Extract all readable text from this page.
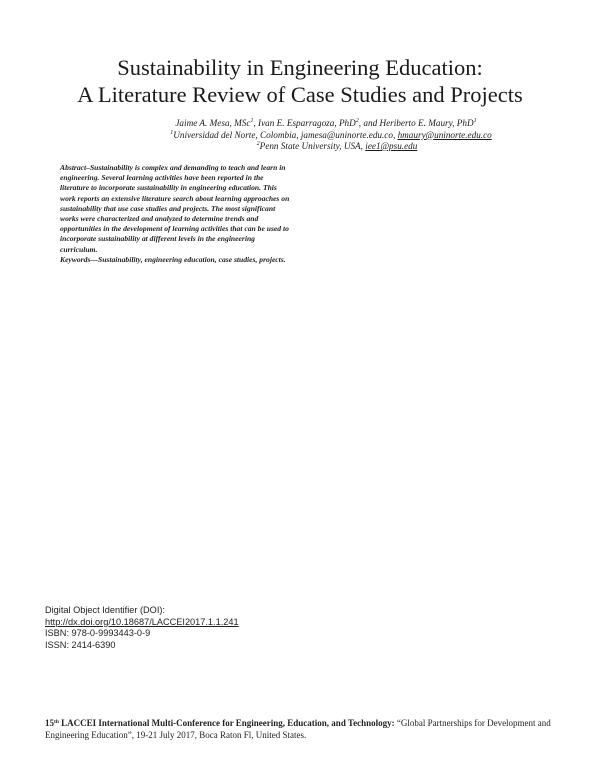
Sustainability in Engineering Education:
A Literature Review of Case Studies and Projects
Jaime A. Mesa, MSc$^1$, Ivan E. Esparragoza, PhD$^2$, and Heriberto E. Maury, PhD$^1$
$^1$Universidad del Norte, Colombia, jamesa@uninorte.edu.co, hmaury@uninorte.edu.co
$^2$Penn State University, USA, iee1@psu.edu

Abstract–Sustainability is complex and demanding to teach and learn in engineering. Several learning activities have been reported in the literature to incorporate sustainability in engineering education. This work reports an extensive literature search about learning approaches on sustainability that use case studies and projects. The most significant works were characterized and analyzed to determine trends and opportunities in the development of learning activities that can be used to incorporate sustainability at different levels in the engineering curriculum.

Keywords—Sustainability, engineering education, case studies, projects.

Digital Object Identifier (DOI):
http://dx.doi.org/10.18687/LACCEI2017.1.1.241
ISBN: 978-0-9993443-0-9
ISSN: 2414-6390
15th LACCEI International Multi-Conference for Engineering, Education, and Technology: “Global Partnerships for Development and Engineering Education”, 19-21 July 2017, Boca Raton Fl, United States.
